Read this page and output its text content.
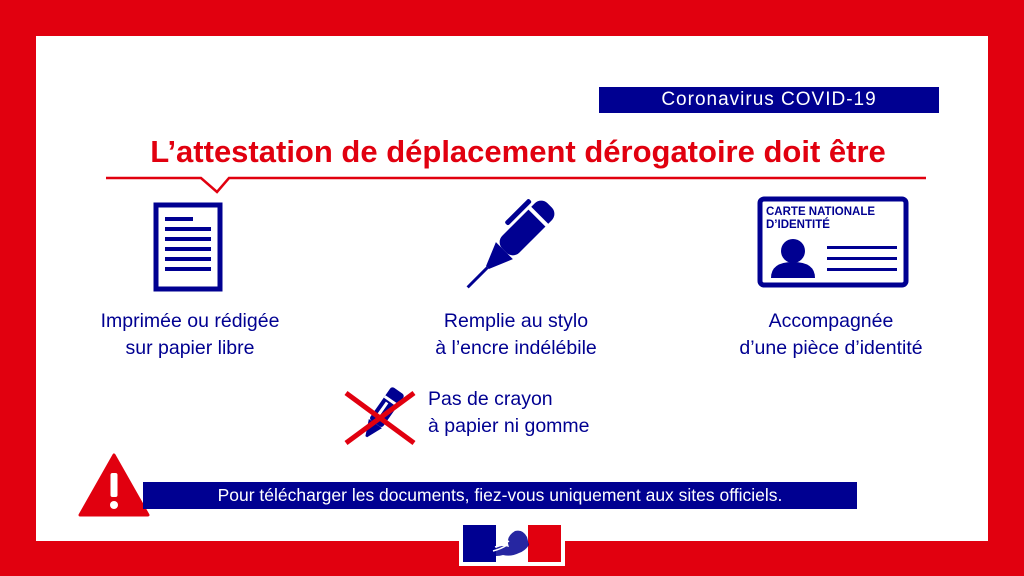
Coronavirus COVID-19
L’attestation de déplacement dérogatoire doit être
CARTE NATIONALE
D’IDENTITÉ
Imprimée ou rédigée
sur papier libre
Remplie au stylo
à l’encre indélébile
Accompagnée
d’une pièce d’identité
Pas de crayon
à papier ni gomme
Pour télécharger les documents, fiez-vous uniquement aux sites officiels.
